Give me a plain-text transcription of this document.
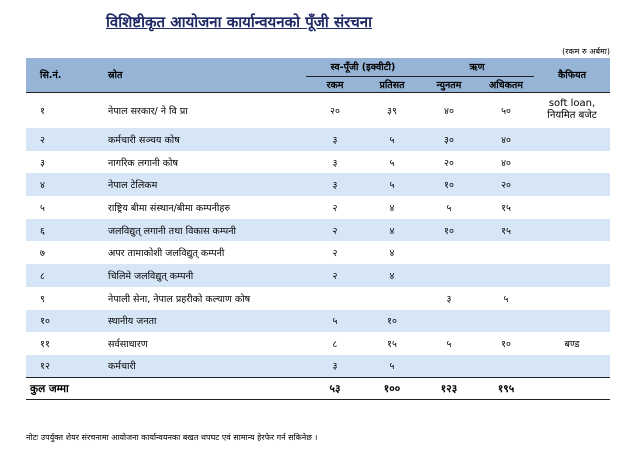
विशिष्टीकृत आयोजना कार्यान्वयनको पूँजी संरचना
(रकम रु अर्बमा)
सि.नं.	स्रोत	स्व-पूँजी (इक्वीटी)		ऋण		कैफियत
		रकम	प्रतिसत	न्युनतम	अधिकतम	
१	नेपाल सरकार/ ने वि प्रा	२०	३९	४०	५०	soft loan, नियमित बजेट
२	कर्मचारी सञ्चय कोष	३	५	३०	४०	
३	नागरिक लगानी कोष	३	५	२०	४०	
४	नेपाल टेलिकम	३	५	१०	२०	
५	राष्ट्रिय बीमा संस्थान/बीमा कम्पनीहरु	२	४	५	१५	
६	जलविद्युत् लगानी तथा विकास कम्पनी	२	४	१०	१५	
७	अपर तामाकोशी जलविद्युत् कम्पनी	२	४			
८	चिलिमे जलविद्युत् कम्पनी	२	४			
९	नेपाली सेना, नेपाल प्रहरीको कल्याण कोष			३	५	
१०	स्थानीय जनता	५	१०			
११	सर्वसाधारण	८	१५	५	१०	बण्ड
१२	कर्मचारी	३	५			
कुल जम्मा		५३	१००	१२३	१९५	
नोटः उपर्युक्त शेयर संरचनामा आयोजना कार्यान्वयनका बखत थपघट एवं सामान्य हेरफेर गर्न सकिनेछ ।
